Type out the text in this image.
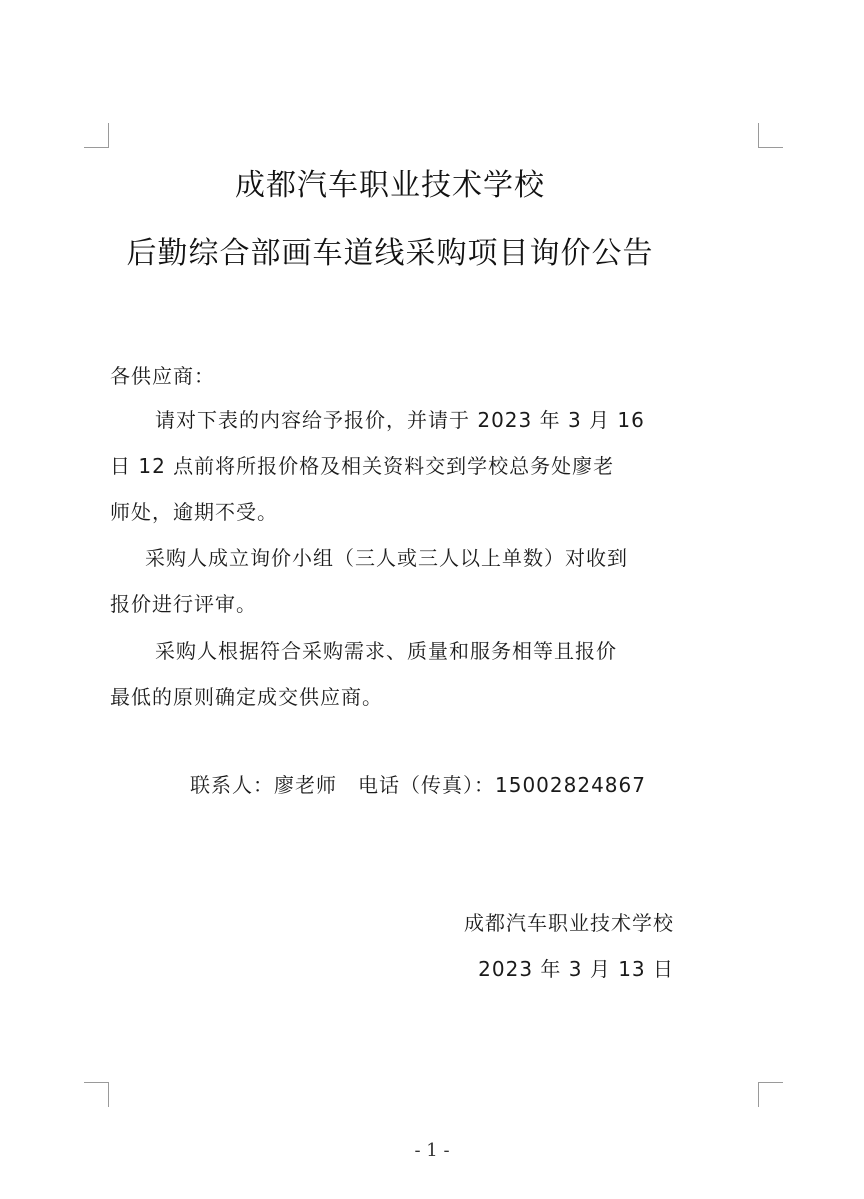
成都汽车职业技术学校
后勤综合部画车道线采购项目询价公告
各供应商：
请对下表的内容给予报价，并请于 2023 年 3 月 16
日 12 点前将所报价格及相关资料交到学校总务处廖老
师处，逾期不受。
采购人成立询价小组（三人或三人以上单数）对收到
报价进行评审。
采购人根据符合采购需求、质量和服务相等且报价
最低的原则确定成交供应商。
联系人：廖老师　电话（传真）：15002824867
成都汽车职业技术学校
2023 年 3 月 13 日
- 1 -
